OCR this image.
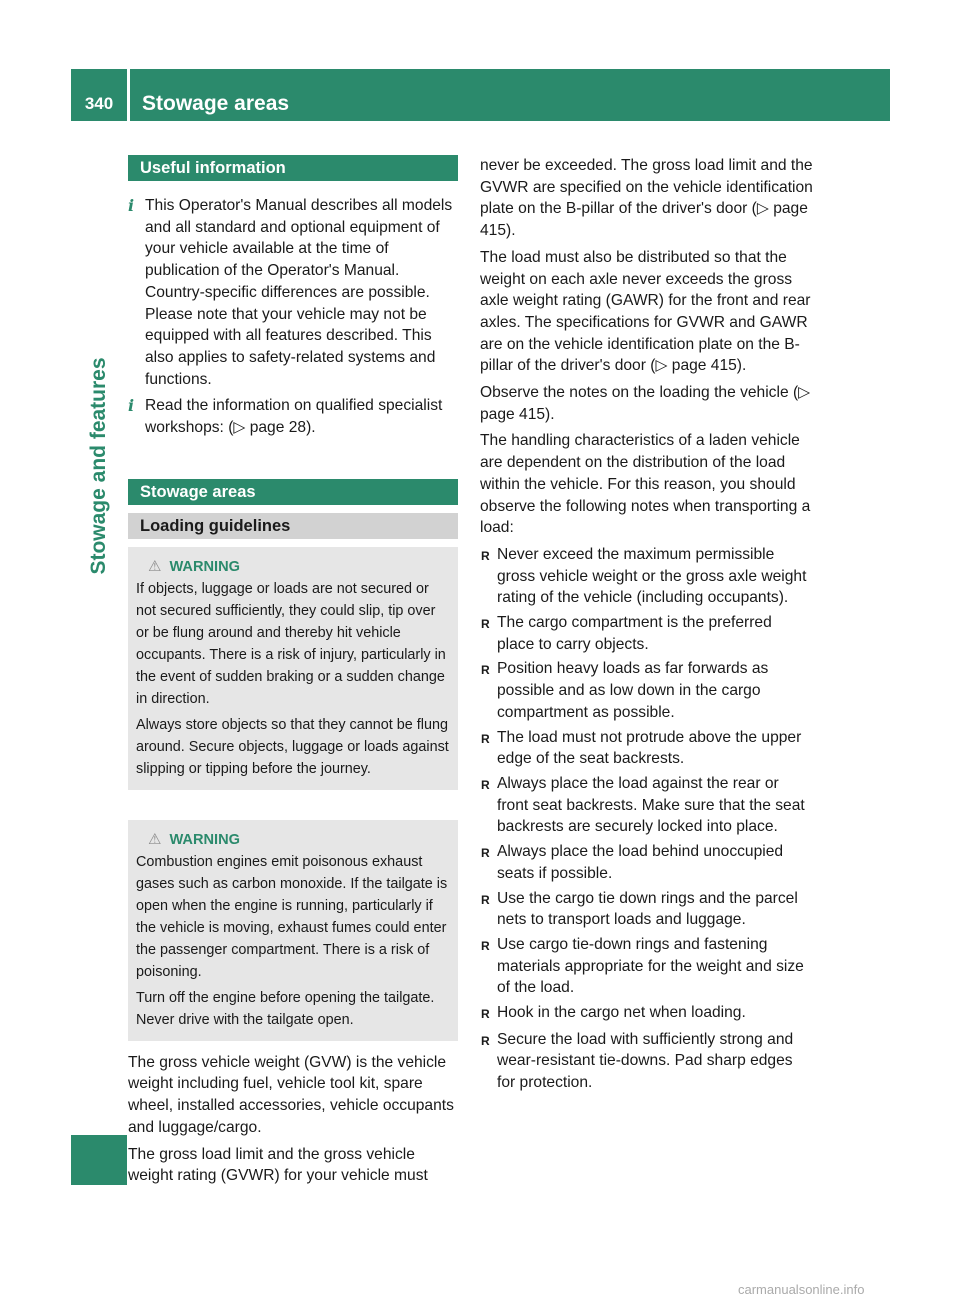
340	Stowage areas
Stowage and features
Useful information
i This Operator's Manual describes all models and all standard and optional equipment of your vehicle available at the time of publication of the Operator's Manual. Country-specific differences are possible. Please note that your vehicle may not be equipped with all features described. This also applies to safety-related systems and functions.
i Read the information on qualified specialist workshops: (▷ page 28).
Stowage areas
Loading guidelines

⚠ WARNING

If objects, luggage or loads are not secured or not secured sufficiently, they could slip, tip over or be flung around and thereby hit vehicle occupants. There is a risk of injury, particularly in the event of sudden braking or a sudden change in direction.

Always store objects so that they cannot be flung around. Secure objects, luggage or loads against slipping or tipping before the journey.

⚠ WARNING

Combustion engines emit poisonous exhaust gases such as carbon monoxide. If the tailgate is open when the engine is running, particularly if the vehicle is moving, exhaust fumes could enter the passenger compartment. There is a risk of poisoning.

Turn off the engine before opening the tailgate. Never drive with the tailgate open.

The gross vehicle weight (GVW) is the vehicle weight including fuel, vehicle tool kit, spare wheel, installed accessories, vehicle occupants and luggage/cargo.

The gross load limit and the gross vehicle weight rating (GVWR) for your vehicle must

never be exceeded. The gross load limit and the GVWR are specified on the vehicle identification plate on the B-pillar of the driver's door (▷ page 415).

The load must also be distributed so that the weight on each axle never exceeds the gross axle weight rating (GAWR) for the front and rear axles. The specifications for GVWR and GAWR are on the vehicle identification plate on the B-pillar of the driver's door (▷ page 415).

Observe the notes on the loading the vehicle (▷ page 415).

The handling characteristics of a laden vehicle are dependent on the distribution of the load within the vehicle. For this reason, you should observe the following notes when transporting a load:

R Never exceed the maximum permissible gross vehicle weight or the gross axle weight rating of the vehicle (including occupants).
R The cargo compartment is the preferred place to carry objects.
R Position heavy loads as far forwards as possible and as low down in the cargo compartment as possible.
R The load must not protrude above the upper edge of the seat backrests.
R Always place the load against the rear or front seat backrests. Make sure that the seat backrests are securely locked into place.
R Always place the load behind unoccupied seats if possible.
R Use the cargo tie down rings and the parcel nets to transport loads and luggage.
R Use cargo tie-down rings and fastening materials appropriate for the weight and size of the load.
R Hook in the cargo net when loading.
R Secure the load with sufficiently strong and wear-resistant tie-downs. Pad sharp edges for protection.
carmanualsonline.info
